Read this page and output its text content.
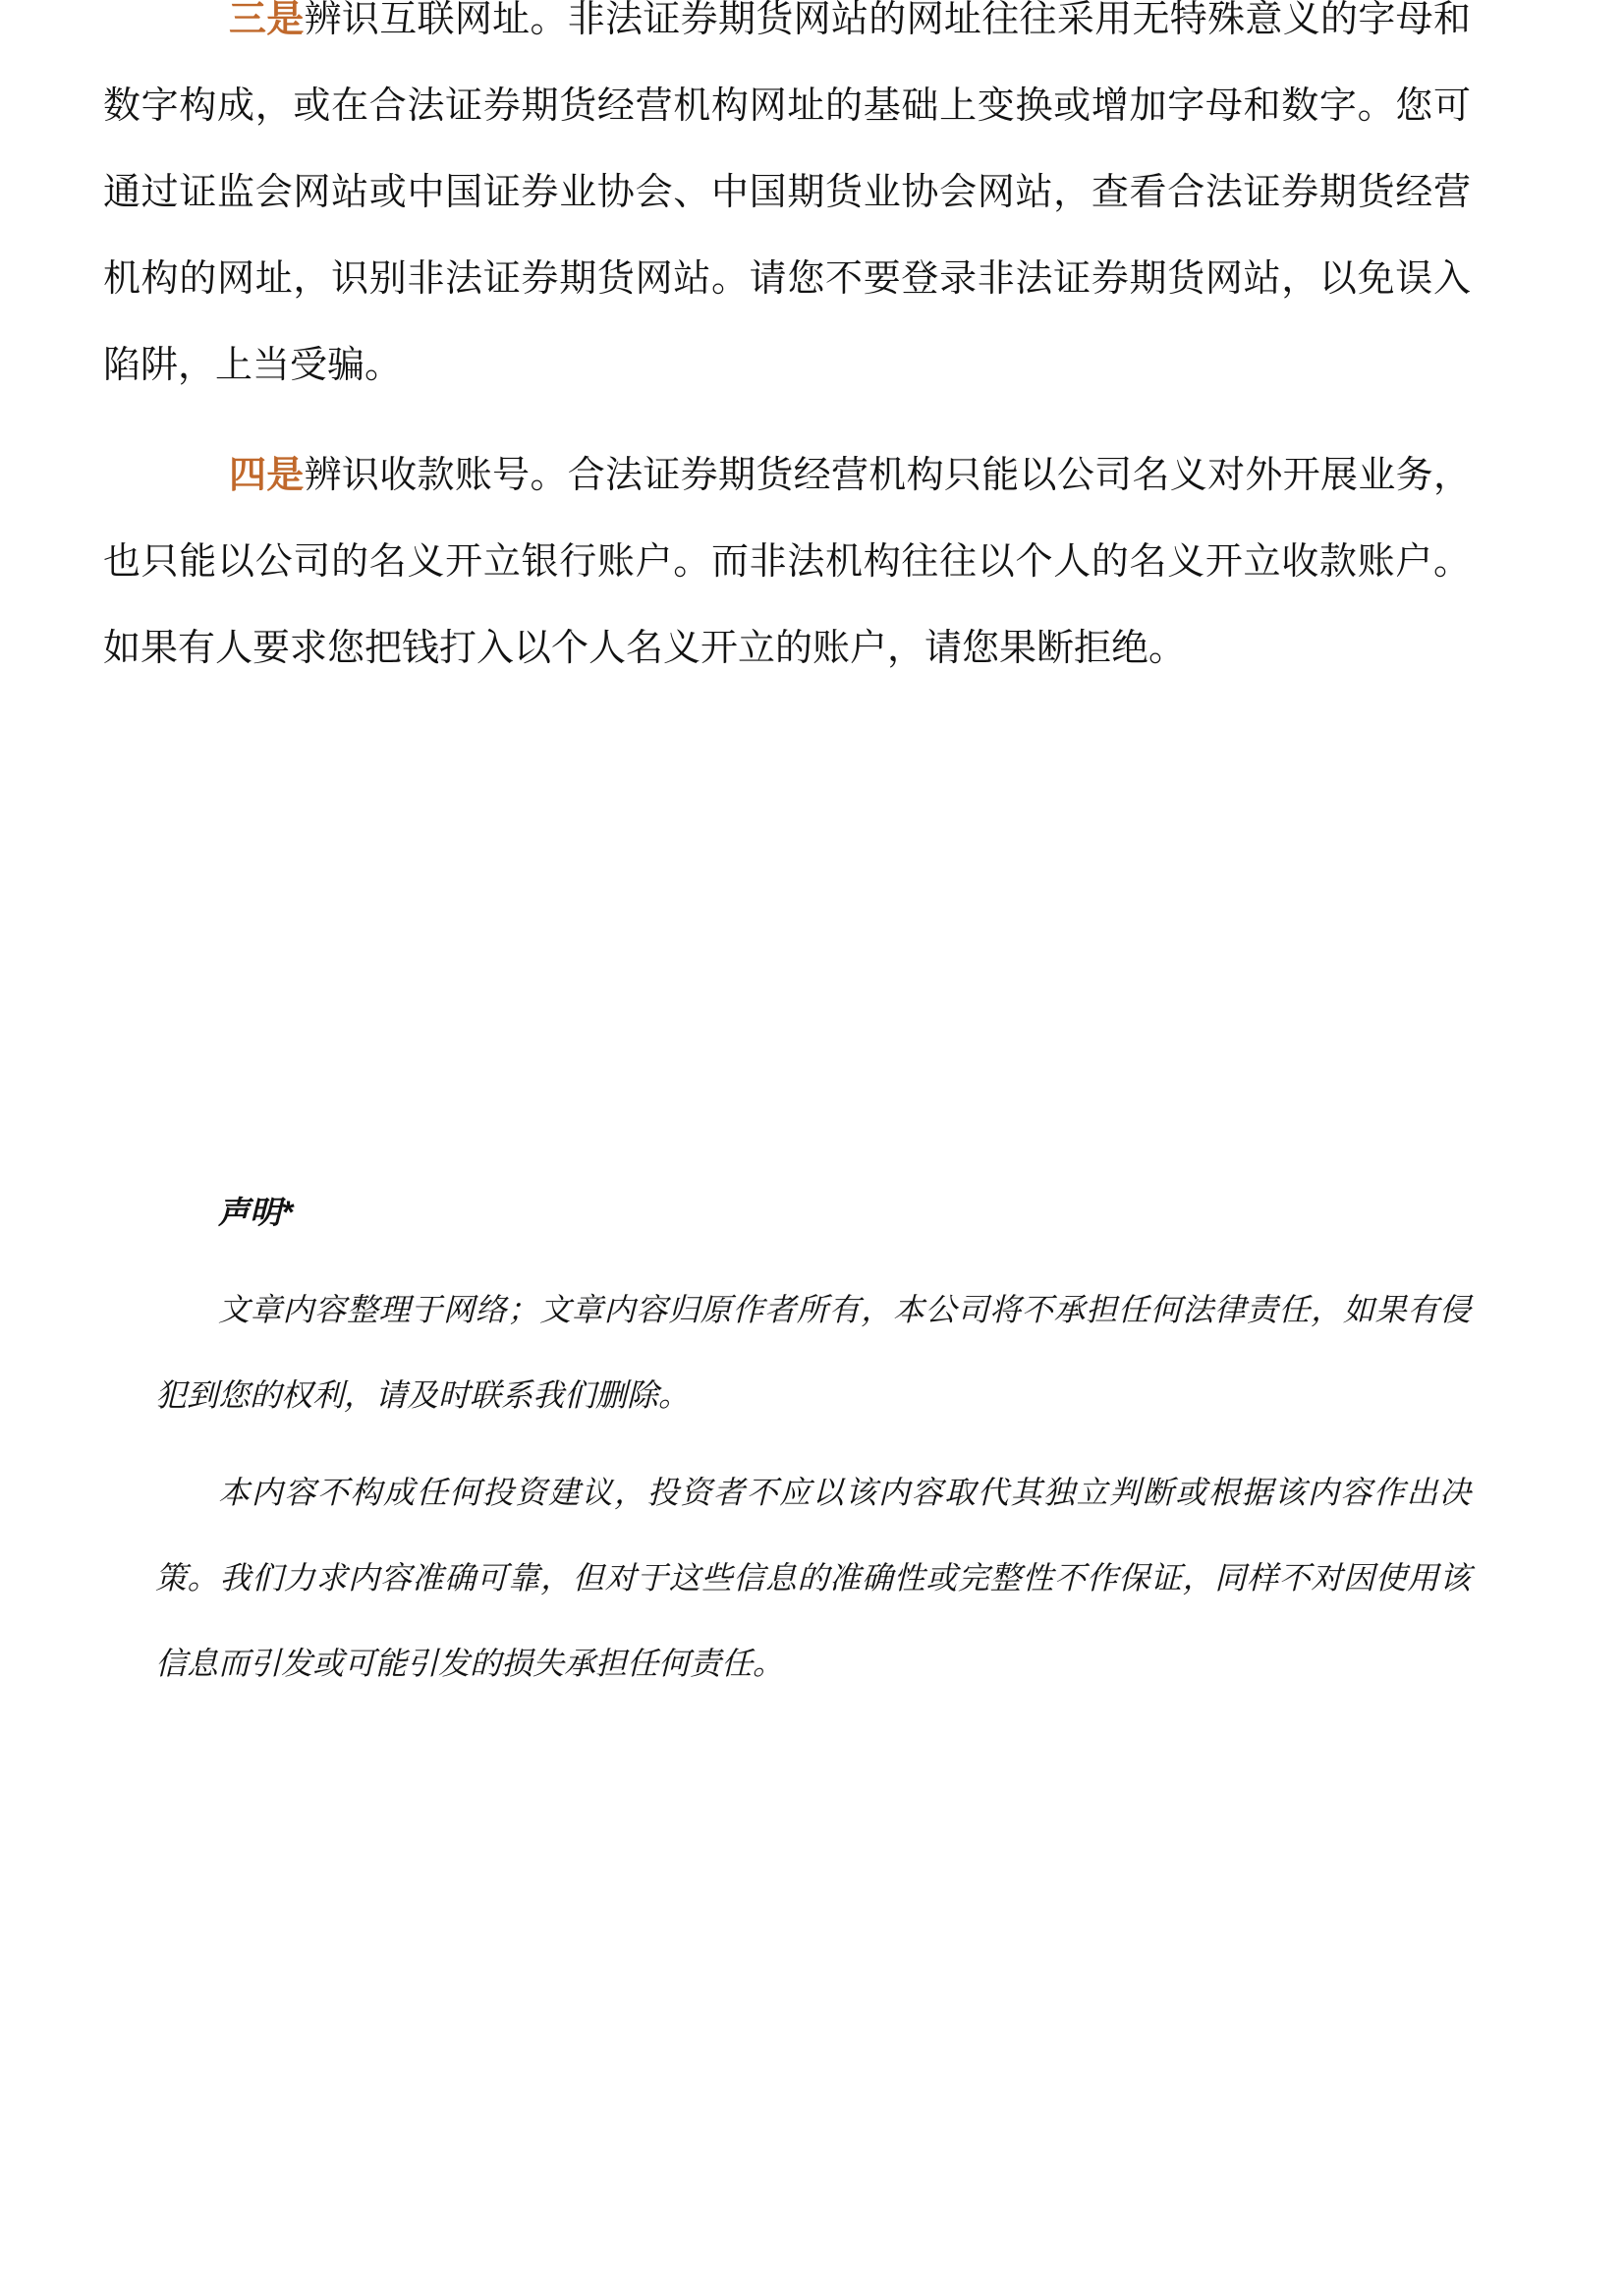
三是辨识互联网址。非法证券期货网站的网址往往采用无特殊意义的字母和数字构成，或在合法证券期货经营机构网址的基础上变换或增加字母和数字。您可通过证监会网站或中国证券业协会、中国期货业协会网站，查看合法证券期货经营机构的网址，识别非法证券期货网站。请您不要登录非法证券期货网站，以免误入陷阱，上当受骗。

四是辨识收款账号。合法证券期货经营机构只能以公司名义对外开展业务，也只能以公司的名义开立银行账户。而非法机构往往以个人的名义开立收款账户。如果有人要求您把钱打入以个人名义开立的账户，请您果断拒绝。

声明*

文章内容整理于网络；文章内容归原作者所有，本公司将不承担任何法律责任，如果有侵犯到您的权利，请及时联系我们删除。

本内容不构成任何投资建议，投资者不应以该内容取代其独立判断或根据该内容作出决策。我们力求内容准确可靠，但对于这些信息的准确性或完整性不作保证，同样不对因使用该信息而引发或可能引发的损失承担任何责任。
